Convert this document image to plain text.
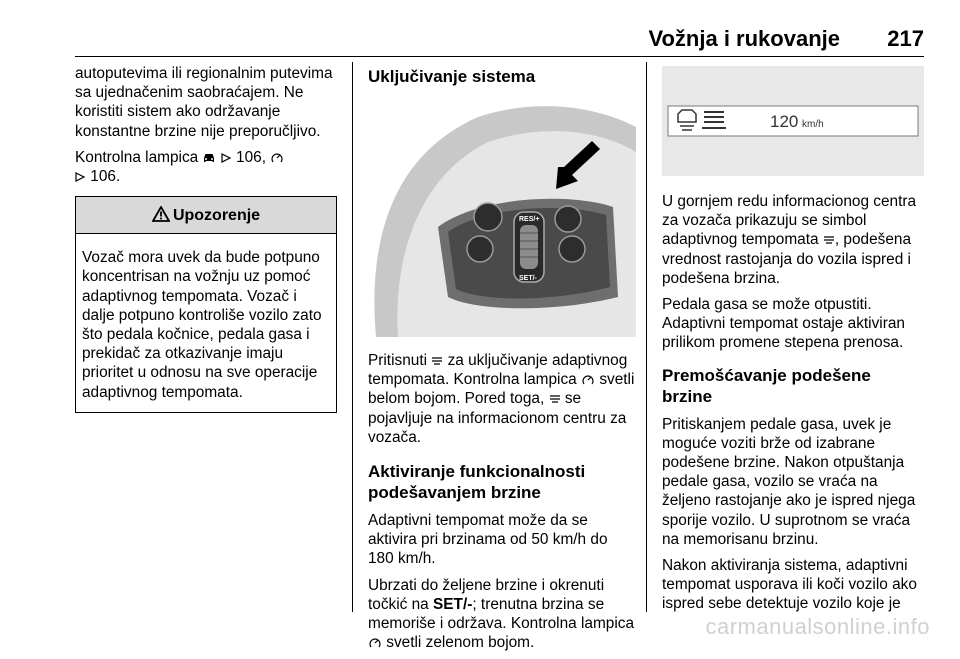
Vožnja i rukovanje 217

autoputevima ili regionalnim putevima sa ujednačenim saobraćajem. Ne koristiti sistem ako održavanje konstantne brzine nije preporučljivo.

Kontrolna lampica 106,
106.

Upozorenje
Vozač mora uvek da bude potpuno koncentrisan na vožnju uz pomoć adaptivnog tempomata. Vozač i dalje potpuno kontroliše vozilo zato što pedala kočnice, pedala gasa i prekidač za otkazivanje imaju prioritet u odnosu na sve operacije adaptivnog tempomata.
Uključivanje sistema
RES/+
SET/-

Pritisnuti za uključivanje adaptivnog tempomata. Kontrolna lampica svetli belom bojom. Pored toga, se pojavljuje na informacionom centru za vozača.

Aktiviranje funkcionalnosti podešavanjem brzine

Adaptivni tempomat može da se aktivira pri brzinama od 50 km/h do 180 km/h.

Ubrzati do željene brzine i okrenuti točkić na SET/-; trenutna brzina se memoriše i održava. Kontrolna lampica  svetli zelenom bojom.

120 km/h

U gornjem redu informacionog centra za vozača prikazuju se simbol adaptivnog tempomata , podešena vrednost rastojanja do vozila ispred i podešena brzina.

Pedala gasa se može otpustiti. Adaptivni tempomat ostaje aktiviran prilikom promene stepena prenosa.

Premošćavanje podešene brzine

Pritiskanjem pedale gasa, uvek je moguće voziti brže od izabrane podešene brzine. Nakon otpuštanja pedale gasa, vozilo se vraća na željeno rastojanje ako je ispred njega sporije vozilo. U suprotnom se vraća na memorisanu brzinu.

Nakon aktiviranja sistema, adaptivni tempomat usporava ili koči vozilo ako ispred sebe detektuje vozilo koje je

carmanualsonline.info
